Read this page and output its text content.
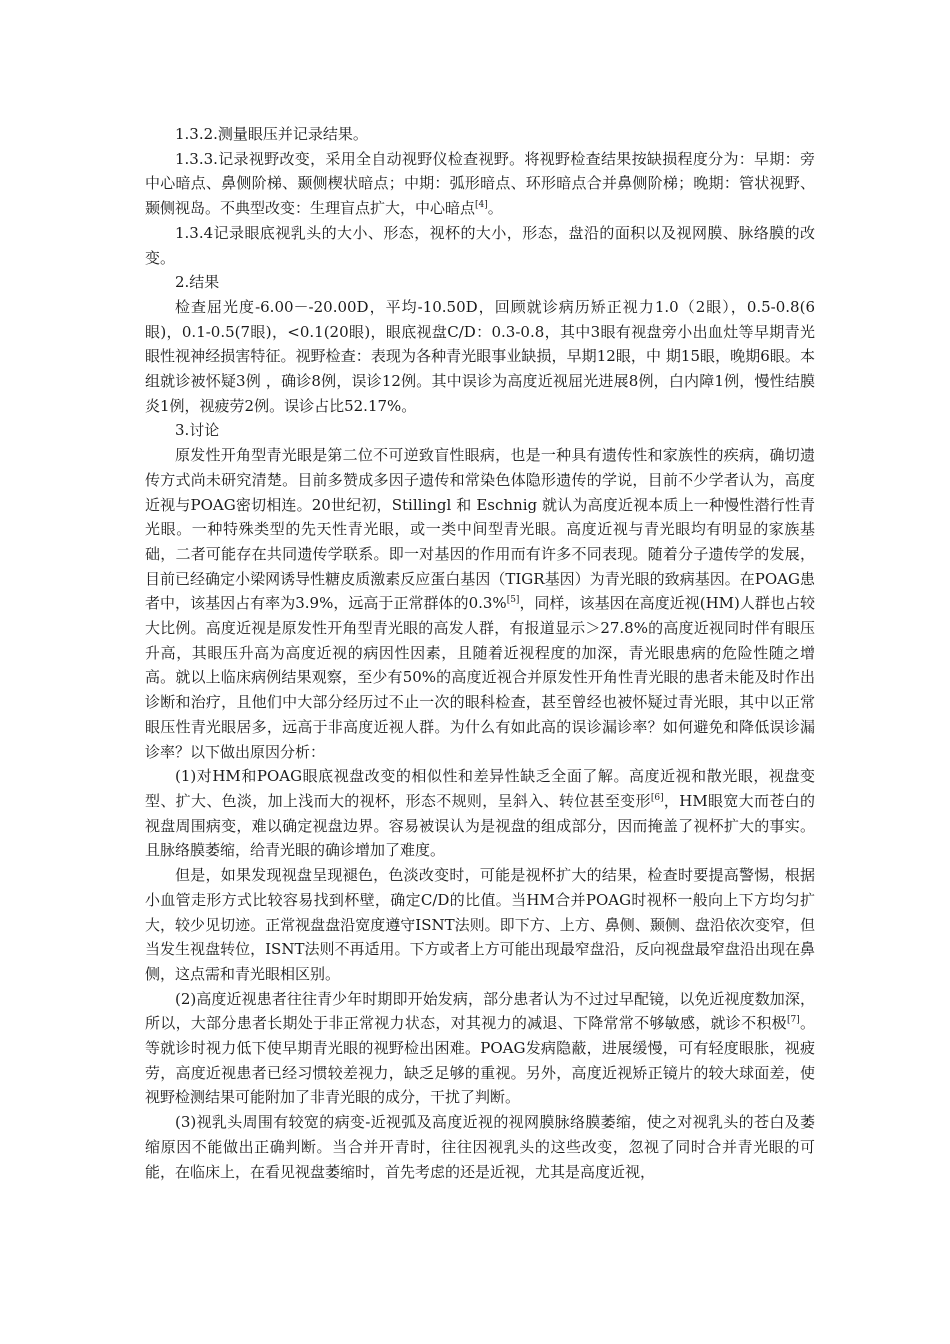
1.3.2.测量眼压并记录结果。

1.3.3.记录视野改变，采用全自动视野仪检查视野。将视野检查结果按缺损程度分为：早期：旁中心暗点、鼻侧阶梯、颞侧楔状暗点；中期：弧形暗点、环形暗点合并鼻侧阶梯；晚期：管状视野、颞侧视岛。不典型改变：生理盲点扩大，中心暗点[4]。

1.3.4记录眼底视乳头的大小、形态，视杯的大小，形态，盘沿的面积以及视网膜、脉络膜的改变。

2.结果

检查屈光度-6.00－-20.00D，平均-10.50D，回顾就诊病历矫正视力1.0（2眼），0.5-0.8(6眼)，0.1-0.5(7眼)，<0.1(20眼)，眼底视盘C/D：0.3-0.8，其中3眼有视盘旁小出血灶等早期青光眼性视神经损害特征。视野检查：表现为各种青光眼事业缺损，早期12眼，中 期15眼，晚期6眼。本组就诊被怀疑3例 ，确诊8例，误诊12例。其中误诊为高度近视屈光进展8例，白内障1例，慢性结膜炎1例，视疲劳2例。误诊占比52.17%。

3.讨论

原发性开角型青光眼是第二位不可逆致盲性眼病，也是一种具有遗传性和家族性的疾病，确切遗传方式尚未研究清楚。目前多赞成多因子遗传和常染色体隐形遗传的学说，目前不少学者认为，高度近视与POAG密切相连。20世纪初，Stillingl 和 Eschnig 就认为高度近视本质上一种慢性潜行性青光眼。一种特殊类型的先天性青光眼，或一类中间型青光眼。高度近视与青光眼均有明显的家族基础，二者可能存在共同遗传学联系。即一对基因的作用而有许多不同表现。随着分子遗传学的发展，目前已经确定小梁网诱导性糖皮质激素反应蛋白基因（TIGR基因）为青光眼的致病基因。在POAG患者中，该基因占有率为3.9%，远高于正常群体的0.3%[5]，同样，该基因在高度近视(HM)人群也占较大比例。高度近视是原发性开角型青光眼的高发人群，有报道显示＞27.8%的高度近视同时伴有眼压升高，其眼压升高为高度近视的病因性因素，且随着近视程度的加深，青光眼患病的危险性随之增高。就以上临床病例结果观察，至少有50%的高度近视合并原发性开角性青光眼的患者未能及时作出诊断和治疗，且他们中大部分经历过不止一次的眼科检查，甚至曾经也被怀疑过青光眼，其中以正常眼压性青光眼居多，远高于非高度近视人群。为什么有如此高的误诊漏诊率？如何避免和降低误诊漏诊率？以下做出原因分析：

(1)对HM和POAG眼底视盘改变的相似性和差异性缺乏全面了解。高度近视和散光眼，视盘变型、扩大、色淡，加上浅而大的视杯，形态不规则，呈斜入、转位甚至变形[6]，HM眼宽大而苍白的视盘周围病变，难以确定视盘边界。容易被误认为是视盘的组成部分，因而掩盖了视杯扩大的事实。且脉络膜萎缩，给青光眼的确诊增加了难度。

但是，如果发现视盘呈现褪色，色淡改变时，可能是视杯扩大的结果，检查时要提高警惕，根据小血管走形方式比较容易找到杯壁，确定C/D的比值。当HM合并POAG时视杯一般向上下方均匀扩大，较少见切迹。正常视盘盘沿宽度遵守ISNT法则。即下方、上方、鼻侧、颞侧、盘沿依次变窄，但当发生视盘转位，ISNT法则不再适用。下方或者上方可能出现最窄盘沿，反向视盘最窄盘沿出现在鼻侧，这点需和青光眼相区别。

(2)高度近视患者往往青少年时期即开始发病，部分患者认为不过过早配镜，以免近视度数加深，所以，大部分患者长期处于非正常视力状态，对其视力的减退、下降常常不够敏感，就诊不积极[7]。等就诊时视力低下使早期青光眼的视野检出困难。POAG发病隐蔽，进展缓慢，可有轻度眼胀，视疲劳，高度近视患者已经习惯较差视力，缺乏足够的重视。另外，高度近视矫正镜片的较大球面差，使视野检测结果可能附加了非青光眼的成分，干扰了判断。

(3)视乳头周围有较宽的病变-近视弧及高度近视的视网膜脉络膜萎缩，使之对视乳头的苍白及萎缩原因不能做出正确判断。当合并开青时，往往因视乳头的这些改变，忽视了同时合并青光眼的可能，在临床上，在看见视盘萎缩时，首先考虑的还是近视，尤其是高度近视，
